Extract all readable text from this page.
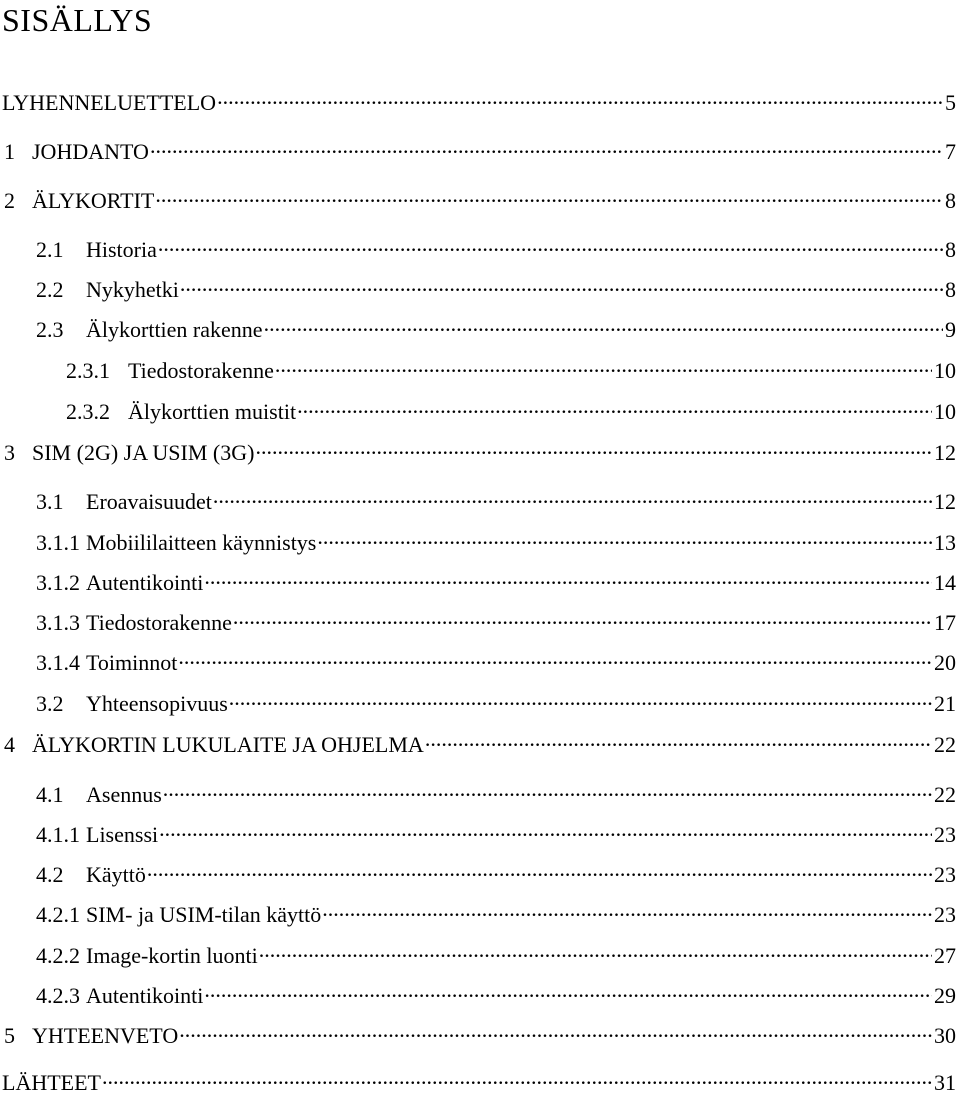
SISÄLLYS
LYHENNELUETTELO .....	5
1 JOHDANTO .....	7
2 ÄLYKORTIT .....	8
2.1	Historia .....	8
2.2	Nykyhetki .....	8
2.3	Älykorttien rakenne .....	9
2.3.1 Tiedostorakenne .....	10
2.3.2 Älykorttien muistit .....	10
3 SIM (2G) JA USIM (3G) .....	12
3.1	Eroavaisuudet .....	12
3.1.1 Mobiililaitteen käynnistys .....	13
3.1.2 Autentikointi .....	14
3.1.3 Tiedostorakenne .....	17
3.1.4 Toiminnot .....	20
3.2	Yhteensopivuus .....	21
4 ÄLYKORTIN LUKULAITE JA OHJELMA .....	22
4.1	Asennus .....	22
4.1.1 Lisenssi .....	23
4.2	Käyttö .....	23
4.2.1 SIM- ja USIM-tilan käyttö .....	23
4.2.2 Image-kortin luonti .....	27
4.2.3 Autentikointi .....	29
5 YHTEENVETO .....	30
LÄHTEET .....	31
